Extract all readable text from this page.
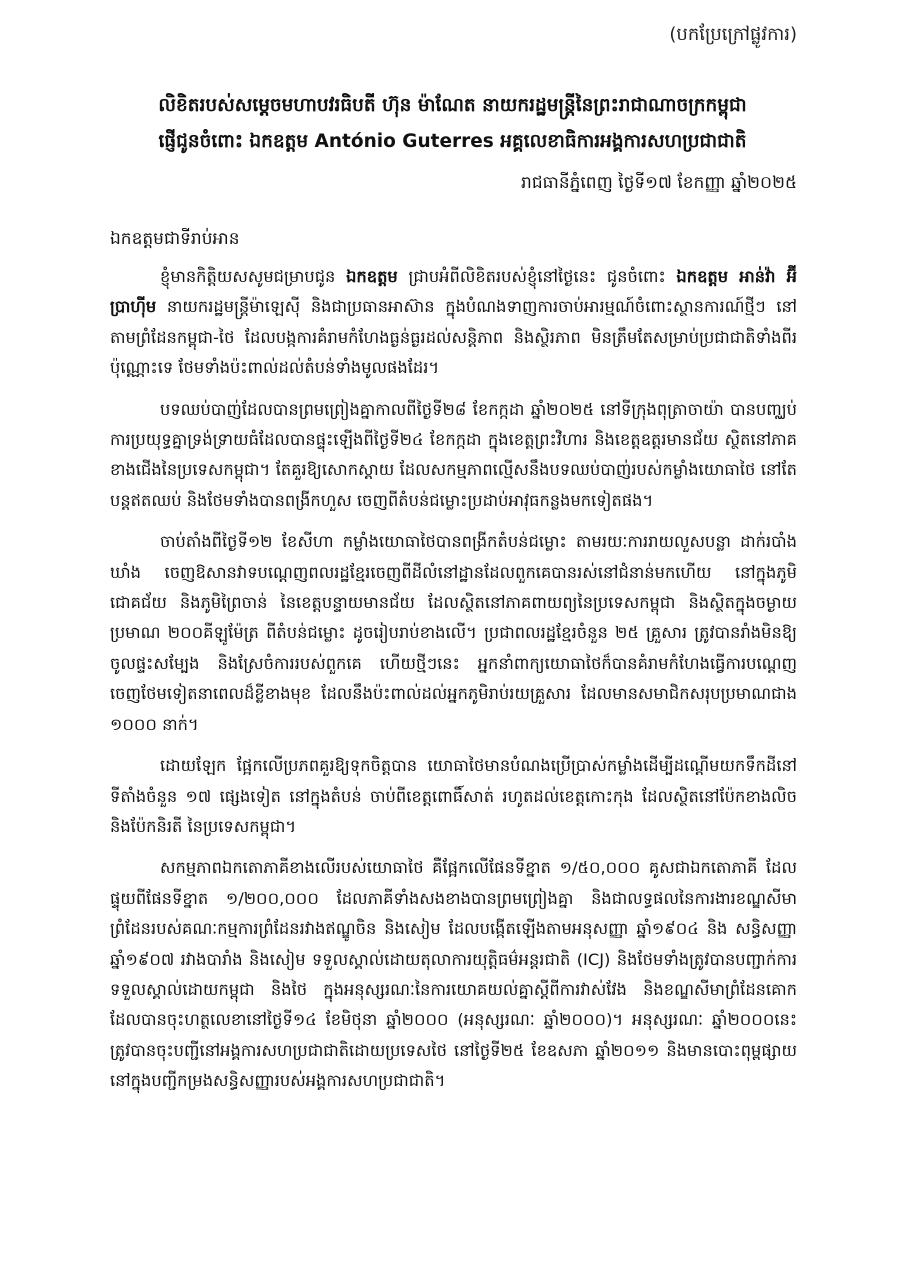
(បកប្រែក្រៅផ្លូវការ)
លិខិតរបស់សម្ដេចមហាបវរធិបតី ហ៊ុន ម៉ាណែត នាយករដ្ឋមន្ត្រីនៃព្រះរាជាណាចក្រកម្ពុជា
ផ្ញើជូនចំពោះ ឯកឧត្តម António Guterres អគ្គលេខាធិការអង្គការសហប្រជាជាតិ
រាជធានីភ្នំពេញ ថ្ងៃទី១៧ ខែកញ្ញា ឆ្នាំ២០២៥
ឯកឧត្តមជាទីរាប់អាន

ខ្ញុំមានកិត្តិយសសូមជម្រាបជូន ឯកឧត្តម ជ្រាបអំពីលិខិតរបស់ខ្ញុំនៅថ្ងៃនេះ ជូនចំពោះ ឯកឧត្តម អាន់វ៉ា អ៊ីប្រាហ៊ីម នាយករដ្ឋមន្ត្រីម៉ាឡេស៊ី និងជាប្រធានអាស៊ាន ក្នុងបំណងទាញការចាប់អារម្មណ៍ចំពោះស្ថានការណ៍ថ្មីៗ នៅតាមព្រំដែនកម្ពុជា-ថៃ ដែលបង្កការគំរាមកំហែងធ្ងន់ធ្ងរដល់សន្តិភាព និងស្ថិរភាព មិនត្រឹមតែសម្រាប់ប្រជាជាតិទាំងពីរប៉ុណ្ណោះទេ ថែមទាំងប៉ះពាល់ដល់តំបន់ទាំងមូលផងដែរ។

បទឈប់បាញ់ដែលបានព្រមព្រៀងគ្នាកាលពីថ្ងៃទី២៨ ខែកក្កដា ឆ្នាំ២០២៥ នៅទីក្រុងពុត្រាចាយ៉ា បានបញ្ឈប់ការប្រយុទ្ធគ្នាទ្រង់ទ្រាយធំដែលបានផ្ទុះឡើងពីថ្ងៃទី២៤ ខែកក្កដា ក្នុងខេត្តព្រះវិហារ និងខេត្តឧត្តរមានជ័យ ស្ថិតនៅភាគខាងជើងនៃប្រទេសកម្ពុជា។ តែគួរឱ្យសោកស្ដាយ ដែលសកម្មភាពល្មើសនឹងបទឈប់បាញ់របស់កម្លាំងយោធាថៃ នៅតែបន្តឥតឈប់ និងថែមទាំងបានពង្រីកហួស ចេញពីតំបន់ជម្លោះប្រដាប់អាវុធកន្លងមកទៀតផង។

ចាប់តាំងពីថ្ងៃទី១២ ខែសីហា កម្លាំងយោធាថៃបានពង្រីកតំបន់ជម្លោះ តាមរយៈការរាយលួសបន្លា ដាក់របាំងឃាំង ចេញឱសានវាទបណ្ដេញពលរដ្ឋខ្មែរចេញពីដីលំនៅដ្ឋានដែលពួកគេបានរស់នៅជំនាន់មកហើយ នៅក្នុងភូមិជោគជ័យ និងភូមិព្រៃចាន់ នៃខេត្តបន្ទាយមានជ័យ ដែលស្ថិតនៅភាគពាយព្យនៃប្រទេសកម្ពុជា និងស្ថិតក្នុងចម្ងាយប្រមាណ ២០០គីឡូម៉ែត្រ ពីតំបន់ជម្លោះ ដូចរៀបរាប់ខាងលើ។ ប្រជាពលរដ្ឋខ្មែរចំនួន ២៥ គ្រួសារ ត្រូវបានរាំងមិនឱ្យចូលផ្ទះសម្បែង និងស្រែចំការរបស់ពួកគេ ហើយថ្មីៗនេះ អ្នកនាំពាក្យយោធាថៃក៏បានគំរាមកំហែងធ្វើការបណ្ដេញចេញថែមទៀតនាពេលដ៏ខ្លីខាងមុខ ដែលនឹងប៉ះពាល់ដល់អ្នកភូមិរាប់រយគ្រួសារ ដែលមានសមាជិកសរុបប្រមាណជាង ១០០០ នាក់។

ដោយឡែក ផ្អែកលើប្រភពគួរឱ្យទុកចិត្តបាន យោធាថៃមានបំណងប្រើប្រាស់កម្លាំងដើម្បីដណ្ដើមយកទឹកដីនៅទីតាំងចំនួន ១៧ ផ្សេងទៀត នៅក្នុងតំបន់ ចាប់ពីខេត្តពោធិ៍សាត់ រហូតដល់ខេត្តកោះកុង ដែលស្ថិតនៅប៉ែកខាងលិច និងប៉ែកនិរតី នៃប្រទេសកម្ពុជា។

សកម្មភាពឯកតោភាគីខាងលើរបស់យោធាថៃ គឺផ្អែកលើផែនទីខ្នាត ១/៥០,០០០ គូសជាឯកតោភាគី ដែលផ្ទុយពីផែនទីខ្នាត ១/២០០,០០០ ដែលភាគីទាំងសងខាងបានព្រមព្រៀងគ្នា និងជាលទ្ធផលនៃការងារខណ្ឌសីមាព្រំដែនរបស់គណៈកម្មការព្រំដែនរវាងឥណ្ឌូចិន និងសៀម ដែលបង្កើតឡើងតាមអនុសញ្ញា ឆ្នាំ១៩០៤ និង សន្ធិសញ្ញា ឆ្នាំ១៩០៧ រវាងបារាំង និងសៀម ទទួលស្គាល់ដោយតុលាការយុត្តិធម៌អន្តរជាតិ (ICJ) និងថែមទាំងត្រូវបានបញ្ជាក់ការទទួលស្គាល់ដោយកម្ពុជា និងថៃ ក្នុងអនុស្សរណៈនៃការយោគយល់គ្នាស្ដីពីការវាស់វែង និងខណ្ឌសីមាព្រំដែនគោក ដែលបានចុះហត្ថលេខានៅថ្ងៃទី១៤ ខែមិថុនា ឆ្នាំ២០០០ (អនុស្សរណៈ ឆ្នាំ២០០០)។ អនុស្សរណៈ ឆ្នាំ២០០០នេះ ត្រូវបានចុះបញ្ជីនៅអង្គការសហប្រជាជាតិដោយប្រទេសថៃ នៅថ្ងៃទី២៥ ខែឧសភា ឆ្នាំ២០១១ និងមានបោះពុម្ពផ្សាយនៅក្នុងបញ្ជីកម្រងសន្ធិសញ្ញារបស់អង្គការសហប្រជាជាតិ។
